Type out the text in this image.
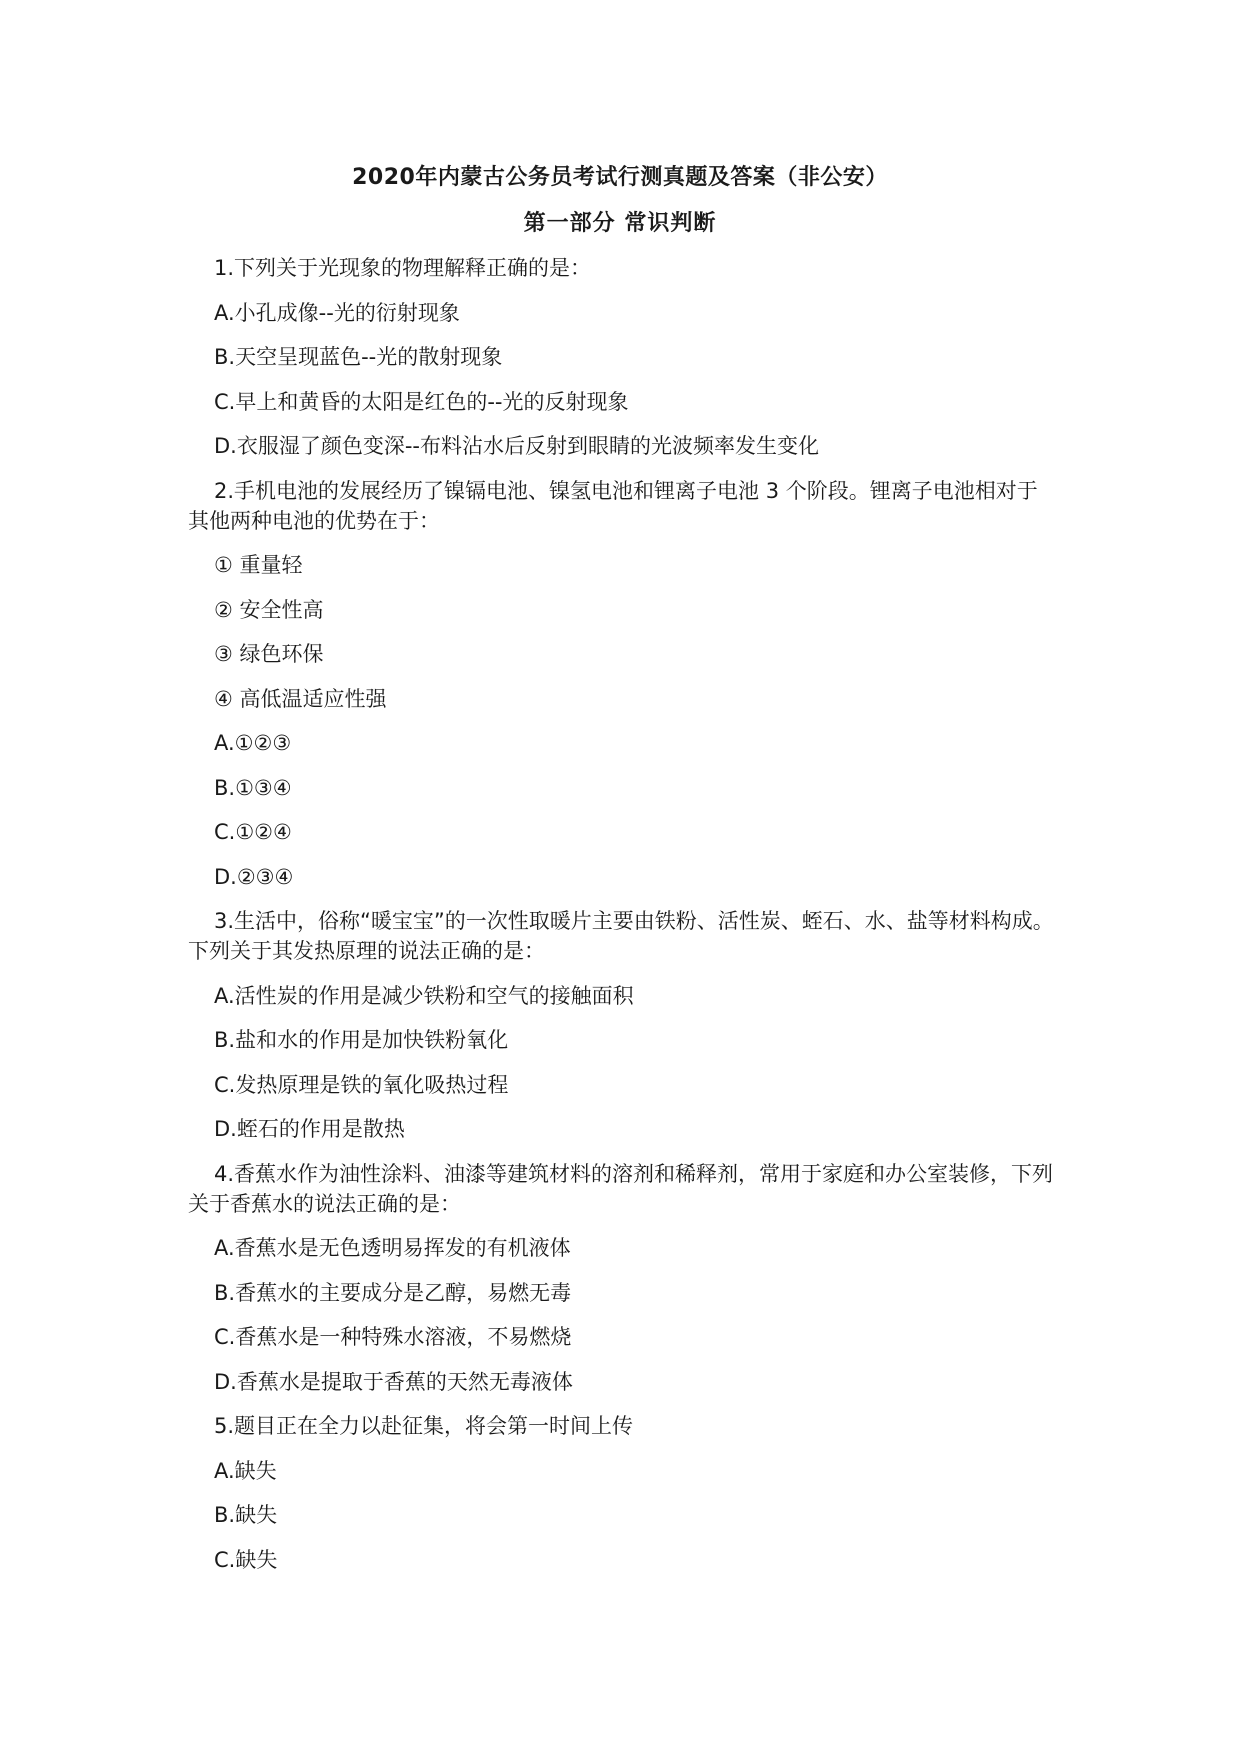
2020年内蒙古公务员考试行测真题及答案（非公安）
第一部分 常识判断
1.下列关于光现象的物理解释正确的是：
A.小孔成像--光的衍射现象
B.天空呈现蓝色--光的散射现象
C.早上和黄昏的太阳是红色的--光的反射现象
D.衣服湿了颜色变深--布料沾水后反射到眼睛的光波频率发生变化
2.手机电池的发展经历了镍镉电池、镍氢电池和锂离子电池 3 个阶段。锂离子电池相对于其他两种电池的优势在于：
① 重量轻
② 安全性高
③ 绿色环保
④ 高低温适应性强
A.①②③
B.①③④
C.①②④
D.②③④
3.生活中，俗称“暖宝宝”的一次性取暖片主要由铁粉、活性炭、蛭石、水、盐等材料构成。下列关于其发热原理的说法正确的是：
A.活性炭的作用是减少铁粉和空气的接触面积
B.盐和水的作用是加快铁粉氧化
C.发热原理是铁的氧化吸热过程
D.蛭石的作用是散热
4.香蕉水作为油性涂料、油漆等建筑材料的溶剂和稀释剂，常用于家庭和办公室装修，下列关于香蕉水的说法正确的是：
A.香蕉水是无色透明易挥发的有机液体
B.香蕉水的主要成分是乙醇，易燃无毒
C.香蕉水是一种特殊水溶液，不易燃烧
D.香蕉水是提取于香蕉的天然无毒液体
5.题目正在全力以赴征集，将会第一时间上传
A.缺失
B.缺失
C.缺失
